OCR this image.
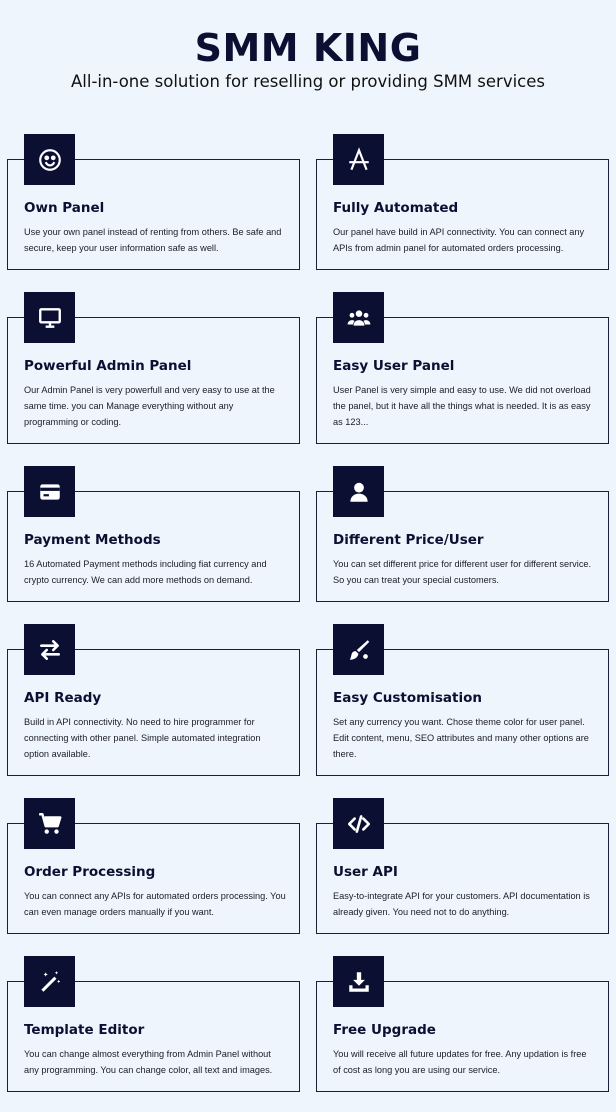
SMM KING
All-in-one solution for reselling or providing SMM services
Own Panel
Use your own panel instead of renting from others. Be safe and secure, keep your user information safe as well.
Fully Automated
Our panel have build in API connectivity. You can connect any APIs from admin panel for automated orders processing.
Powerful Admin Panel
Our Admin Panel is very powerfull and very easy to use at the same time. you can Manage everything without any programming or coding.
Easy User Panel
User Panel is very simple and easy to use. We did not overload the panel, but it have all the things what is needed. It is as easy as 123...
Payment Methods
16 Automated Payment methods including fiat currency and crypto currency. We can add more methods on demand.
Different Price/User
You can set different price for different user for different service. So you can treat your special customers.
API Ready
Build in API connectivity. No need to hire programmer for connecting with other panel. Simple automated integration option available.
Easy Customisation
Set any currency you want. Chose theme color for user panel. Edit content, menu, SEO attributes and many other options are there.
Order Processing
You can connect any APIs for automated orders processing. You can even manage orders manually if you want.
User API
Easy-to-integrate API for your customers. API documentation is already given. You need not to do anything.
Template Editor
You can change almost everything from Admin Panel without any programming. You can change color, all text and images.
Free Upgrade
You will receive all future updates for free. Any updation is free of cost as long you are using our service.
